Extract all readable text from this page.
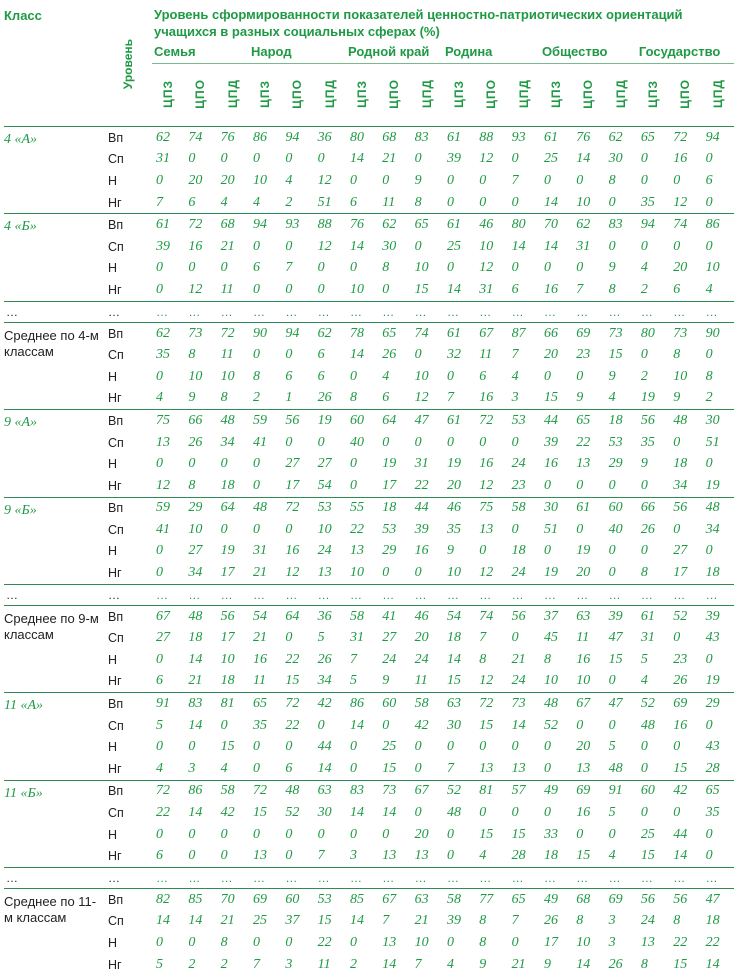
Класс	Уровень	Уровень сформированности показателей ценностно-патриотических ориентаций учащихся в разных социальных сферах (%)																	
		Семья			Народ			Родной край			Родина			Общество			Государство		
		ЦПЗ	ЦПО	ЦПД	ЦПЗ	ЦПО	ЦПД	ЦПЗ	ЦПО	ЦПД	ЦПЗ	ЦПО	ЦПД	ЦПЗ	ЦПО	ЦПД	ЦПЗ	ЦПО	ЦПД
4 «А»	Вп	62	74	76	86	94	36	80	68	83	61	88	93	61	76	62	65	72	94
	Сп	31	0	0	0	0	0	14	21	0	39	12	0	25	14	30	0	16	0
	Н	0	20	20	10	4	12	0	0	9	0	0	7	0	0	8	0	0	6
	Нг	7	6	4	4	2	51	6	11	8	0	0	0	14	10	0	35	12	0
4 «Б»	Вп	61	72	68	94	93	88	76	62	65	61	46	80	70	62	83	94	74	86
	Сп	39	16	21	0	0	12	14	30	0	25	10	14	14	31	0	0	0	0
	Н	0	0	0	6	7	0	0	8	10	0	12	0	0	0	9	4	20	10
	Нг	0	12	11	0	0	0	10	0	15	14	31	6	16	7	8	2	6	4
…	…	…	…	…	…	…	…	…	…	…	…	…	…	…	…	…	…	…	…
Среднее по 4-м классам	Вп	62	73	72	90	94	62	78	65	74	61	67	87	66	69	73	80	73	90
	Сп	35	8	11	0	0	6	14	26	0	32	11	7	20	23	15	0	8	0
	Н	0	10	10	8	6	6	0	4	10	0	6	4	0	0	9	2	10	8
	Нг	4	9	8	2	1	26	8	6	12	7	16	3	15	9	4	19	9	2
9 «А»	Вп	75	66	48	59	56	19	60	64	47	61	72	53	44	65	18	56	48	30
	Сп	13	26	34	41	0	0	40	0	0	0	0	0	39	22	53	35	0	51
	Н	0	0	0	0	27	27	0	19	31	19	16	24	16	13	29	9	18	0
	Нг	12	8	18	0	17	54	0	17	22	20	12	23	0	0	0	0	34	19
9 «Б»	Вп	59	29	64	48	72	53	55	18	44	46	75	58	30	61	60	66	56	48
	Сп	41	10	0	0	0	10	22	53	39	35	13	0	51	0	40	26	0	34
	Н	0	27	19	31	16	24	13	29	16	9	0	18	0	19	0	0	27	0
	Нг	0	34	17	21	12	13	10	0	0	10	12	24	19	20	0	8	17	18
…	…	…	…	…	…	…	…	…	…	…	…	…	…	…	…	…	…	…	…
Среднее по 9-м классам	Вп	67	48	56	54	64	36	58	41	46	54	74	56	37	63	39	61	52	39
	Сп	27	18	17	21	0	5	31	27	20	18	7	0	45	11	47	31	0	43
	Н	0	14	10	16	22	26	7	24	24	14	8	21	8	16	15	5	23	0
	Нг	6	21	18	11	15	34	5	9	11	15	12	24	10	10	0	4	26	19
11 «А»	Вп	91	83	81	65	72	42	86	60	58	63	72	73	48	67	47	52	69	29
	Сп	5	14	0	35	22	0	14	0	42	30	15	14	52	0	0	48	16	0
	Н	0	0	15	0	0	44	0	25	0	0	0	0	0	20	5	0	0	43
	Нг	4	3	4	0	6	14	0	15	0	7	13	13	0	13	48	0	15	28
11 «Б»	Вп	72	86	58	72	48	63	83	73	67	52	81	57	49	69	91	60	42	65
	Сп	22	14	42	15	52	30	14	14	0	48	0	0	0	16	5	0	0	35
	Н	0	0	0	0	0	0	0	0	20	0	15	15	33	0	0	25	44	0
	Нг	6	0	0	13	0	7	3	13	13	0	4	28	18	15	4	15	14	0
…	…	…	…	…	…	…	…	…	…	…	…	…	…	…	…	…	…	…	…
Среднее по 11-м классам	Вп	82	85	70	69	60	53	85	67	63	58	77	65	49	68	69	56	56	47
	Сп	14	14	21	25	37	15	14	7	21	39	8	7	26	8	3	24	8	18
	Н	0	0	8	0	0	22	0	13	10	0	8	0	17	10	3	13	22	22
	Нг	5	2	2	7	3	11	2	14	7	4	9	21	9	14	26	8	15	14
